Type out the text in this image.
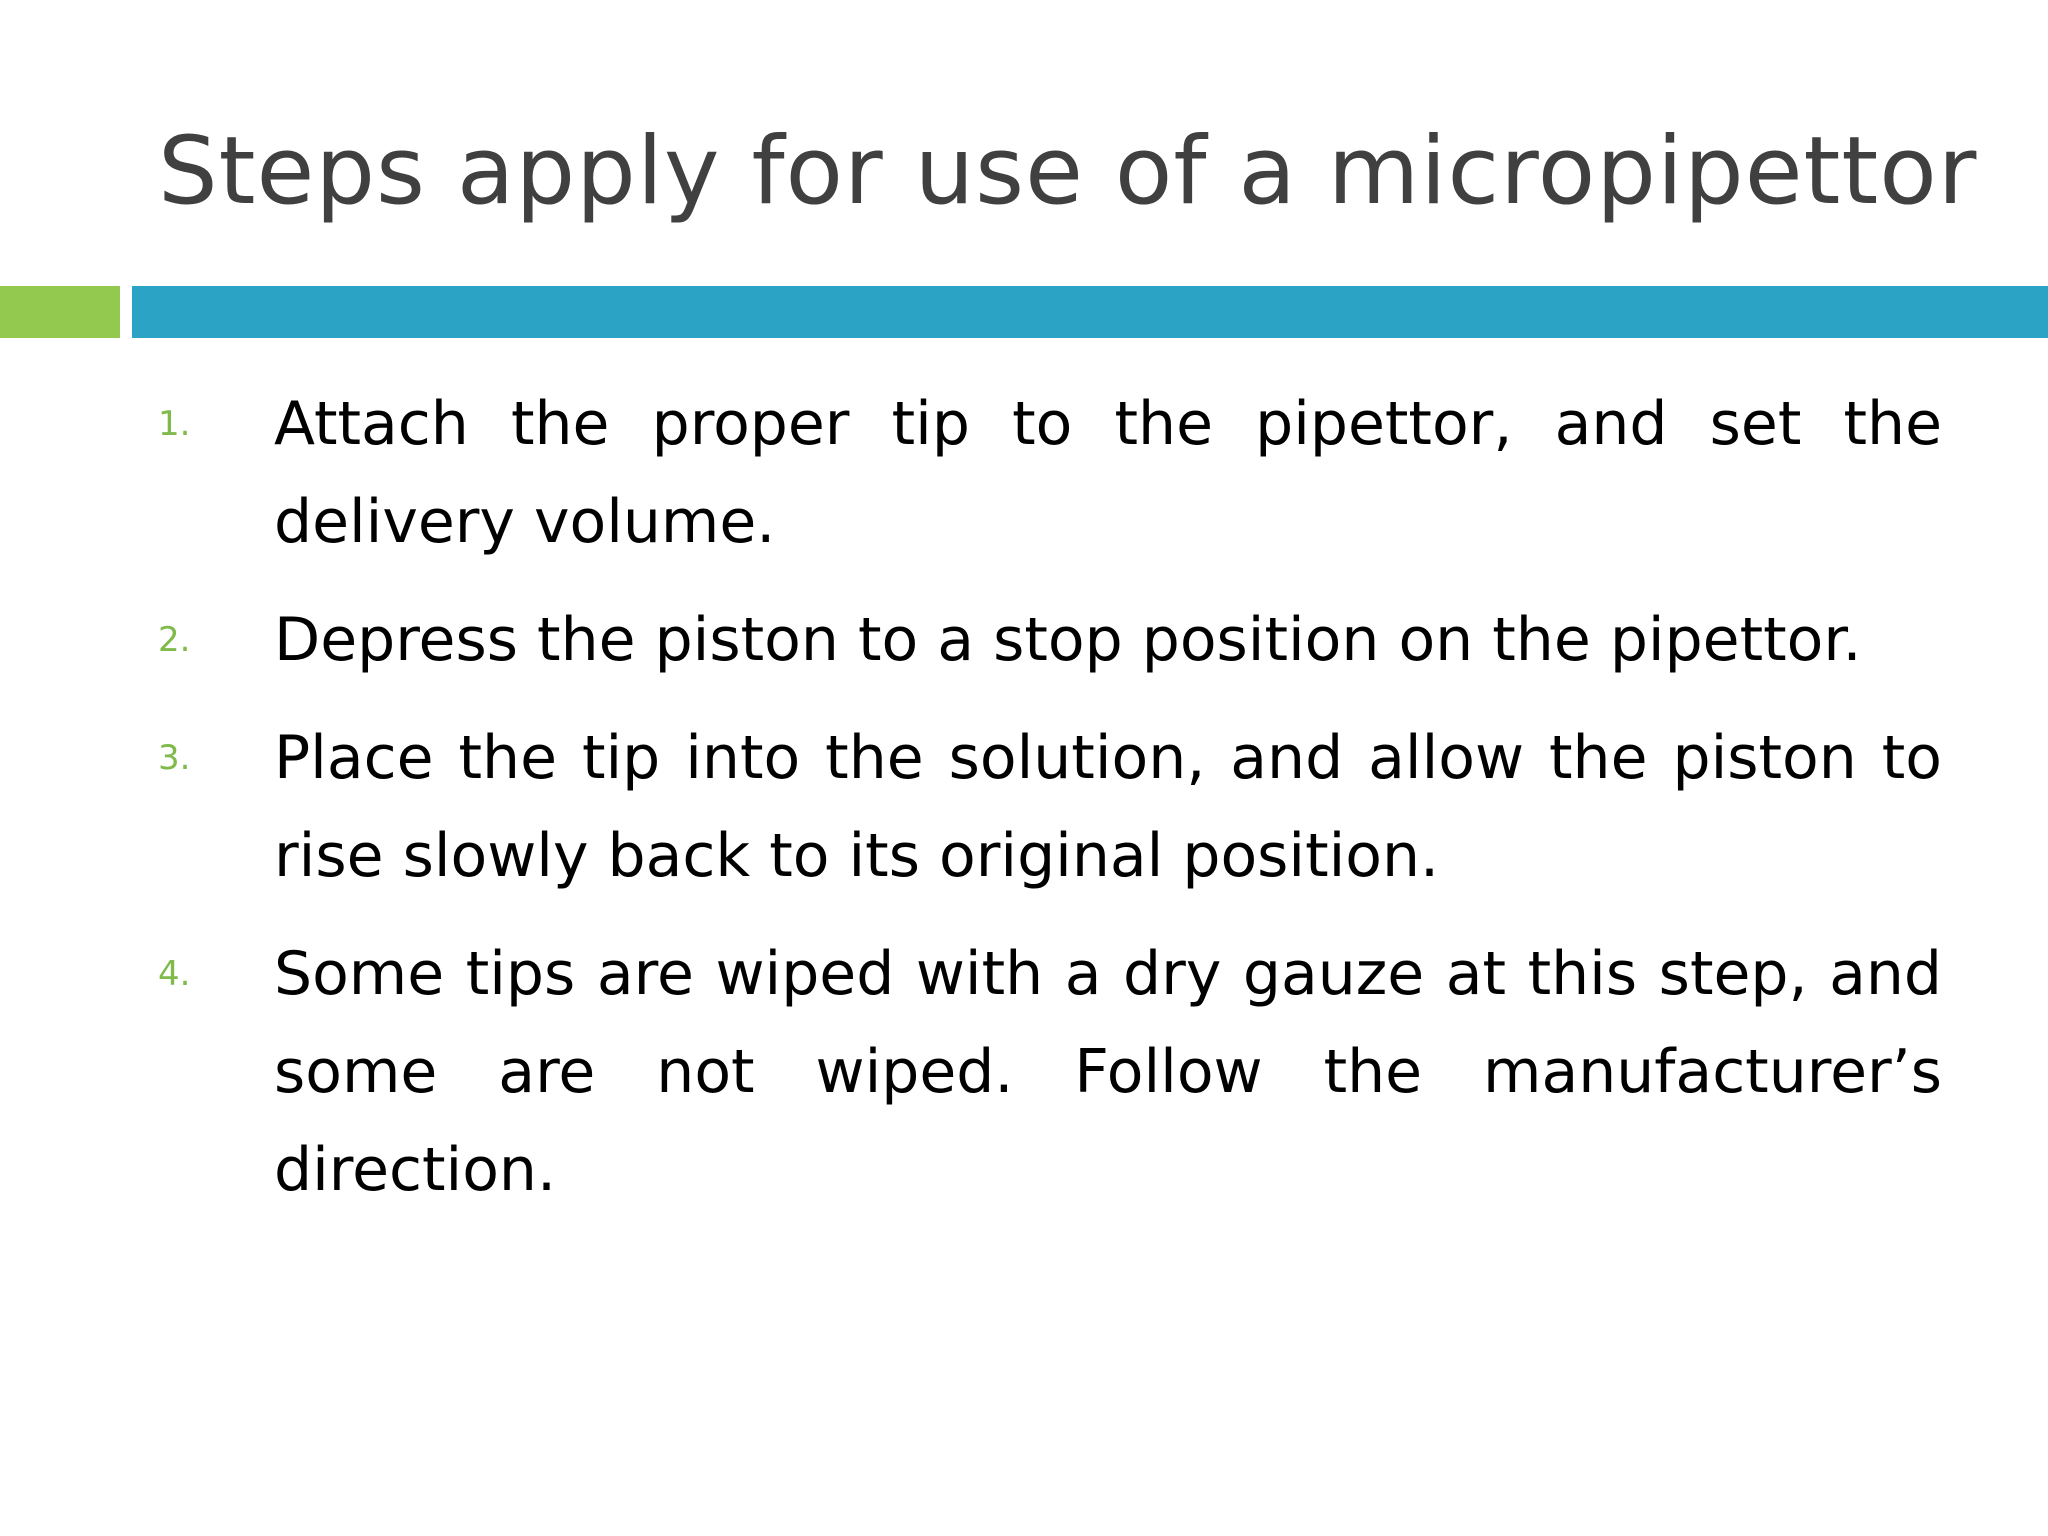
Steps apply for use of a micropipettor
1.	Attach the proper tip to the pipettor, and set the delivery volume.
2.	Depress the piston to a stop position on the pipettor.
3.	Place the tip into the solution, and allow the piston to rise slowly back to its original position.
4.	Some tips are wiped with a dry gauze at this step, and some are not wiped. Follow the manufacturer’s direction.
